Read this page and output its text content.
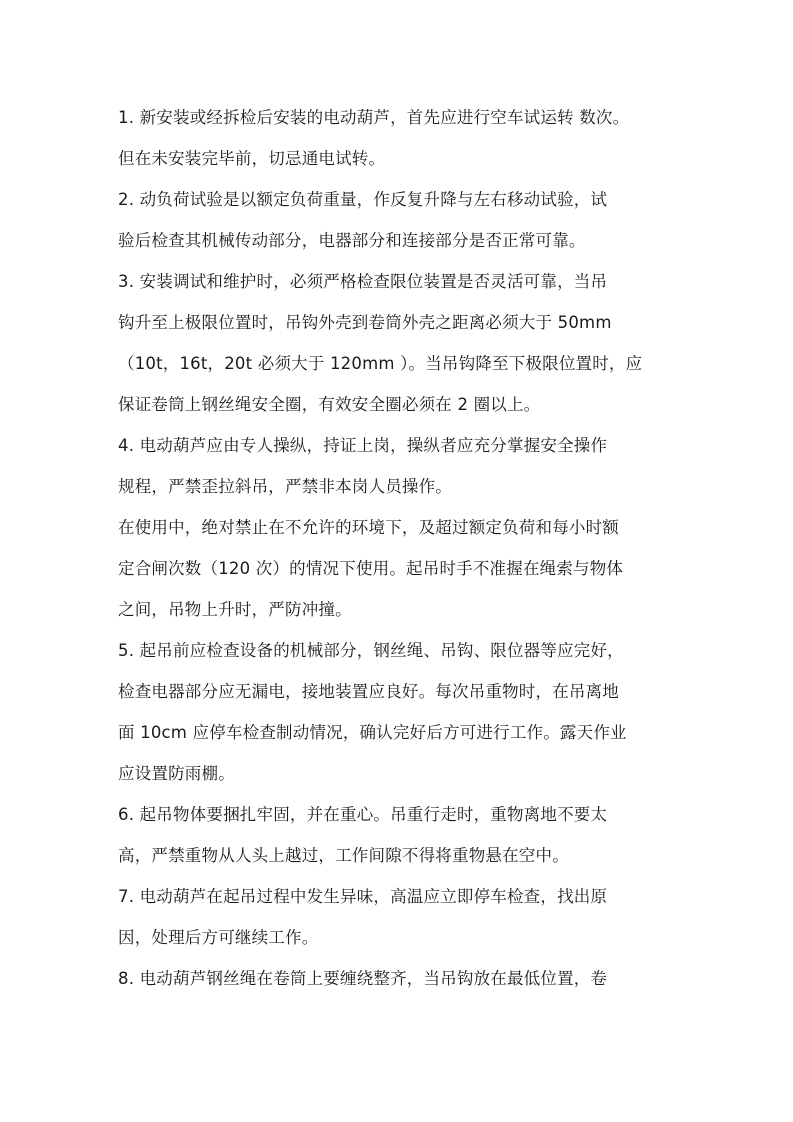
1. 新安装或经拆检后安装的电动葫芦，首先应进行空车试运转 数次。
但在未安装完毕前，切忌通电试转。
2. 动负荷试验是以额定负荷重量，作反复升降与左右移动试验，试
验后检查其机械传动部分，电器部分和连接部分是否正常可靠。
3. 安装调试和维护时，必须严格检查限位装置是否灵活可靠，当吊
钩升至上极限位置时，吊钩外壳到卷筒外壳之距离必须大于 50mm
（10t，16t，20t 必须大于 120mm ）。当吊钩降至下极限位置时，应
保证卷筒上钢丝绳安全圈，有效安全圈必须在 2 圈以上。
4. 电动葫芦应由专人操纵，持证上岗，操纵者应充分掌握安全操作
规程，严禁歪拉斜吊，严禁非本岗人员操作。
在使用中，绝对禁止在不允许的环境下，及超过额定负荷和每小时额
定合闸次数（120 次）的情况下使用。起吊时手不准握在绳索与物体
之间，吊物上升时，严防冲撞。
5. 起吊前应检查设备的机械部分，钢丝绳、吊钩、限位器等应完好，
检查电器部分应无漏电，接地装置应良好。每次吊重物时，在吊离地
面 10cm 应停车检查制动情况，确认完好后方可进行工作。露天作业
应设置防雨棚。
6. 起吊物体要捆扎牢固，并在重心。吊重行走时，重物离地不要太
高，严禁重物从人头上越过，工作间隙不得将重物悬在空中。
7. 电动葫芦在起吊过程中发生异味，高温应立即停车检查，找出原
因，处理后方可继续工作。
8. 电动葫芦钢丝绳在卷筒上要缠绕整齐，当吊钩放在最低位置，卷
